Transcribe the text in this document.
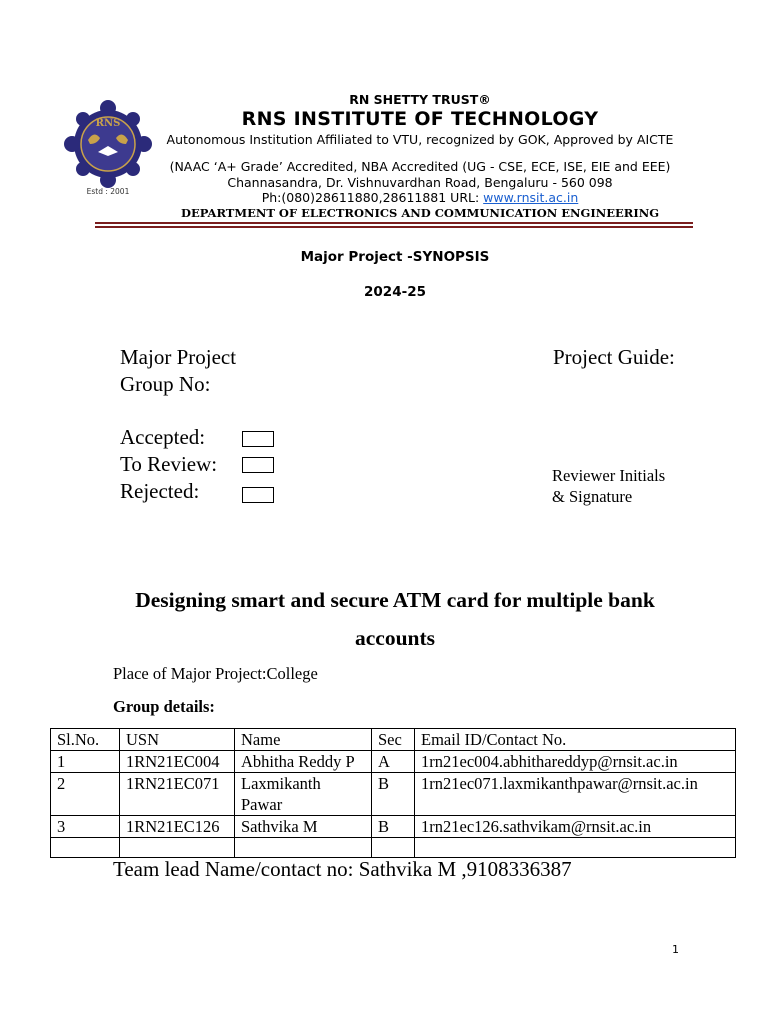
RNS
Estd : 2001
RN SHETTY TRUST®
RNS INSTITUTE OF TECHNOLOGY
Autonomous Institution Affiliated to VTU, recognized by GOK, Approved by AICTE
(NAAC ‘A+ Grade’ Accredited, NBA Accredited (UG - CSE, ECE, ISE, EIE and EEE)
Channasandra, Dr. Vishnuvardhan Road, Bengaluru - 560 098
Ph:(080)28611880,28611881 URL: www.rnsit.ac.in
DEPARTMENT OF ELECTRONICS AND COMMUNICATION ENGINEERING
Major Project -SYNOPSIS
2024-25
Major Project
Group No:
Project Guide:
Accepted:
To Review:
Rejected:
Reviewer Initials
& Signature
Designing smart and secure ATM card for multiple bank
accounts
Place of Major Project:College
Group details:
Sl.No.	USN	Name	Sec	Email ID/Contact No.
1	1RN21EC004	Abhitha Reddy P	A	1rn21ec004.abhithareddyp@rnsit.ac.in
2	1RN21EC071	Laxmikanth Pawar	B	1rn21ec071.laxmikanthpawar@rnsit.ac.in
3	1RN21EC126	Sathvika M	B	1rn21ec126.sathvikam@rnsit.ac.in

Team lead Name/contact no: Sathvika M ,9108336387
1
